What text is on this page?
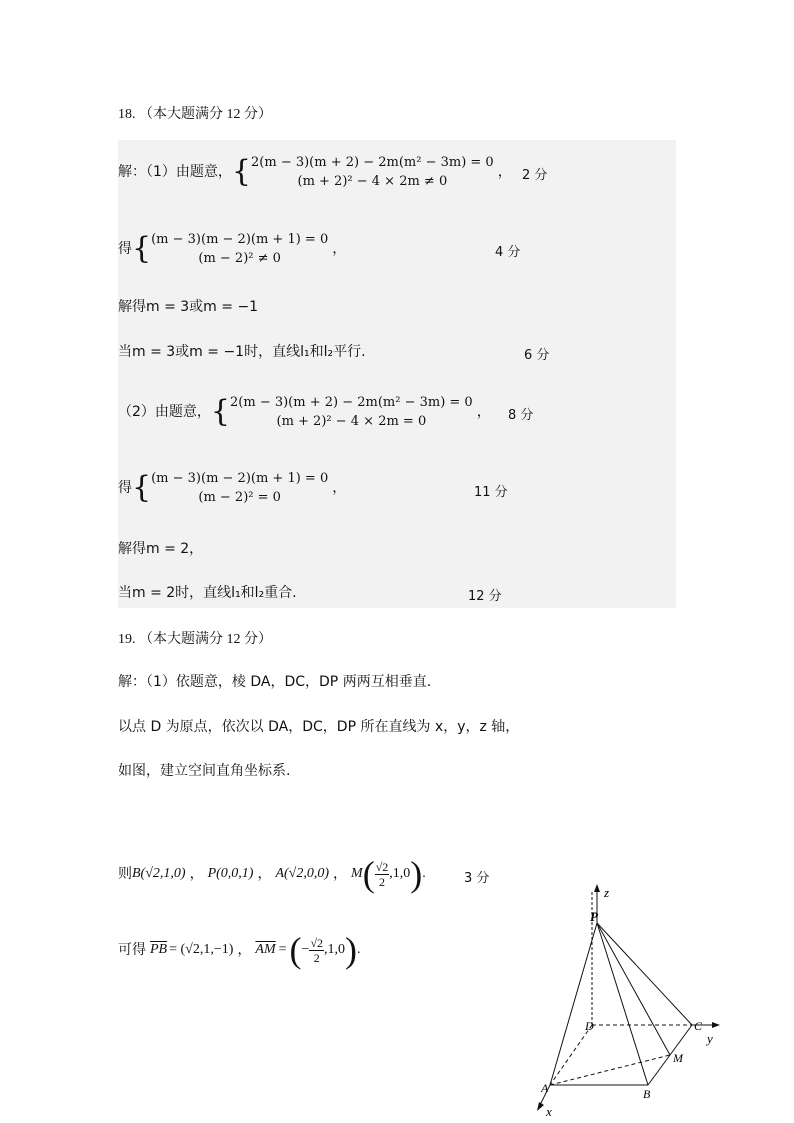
18. （本大题满分 12 分）
解：（1）由题意， { 2(m − 3)(m + 2) − 2m(m² − 3m) = 0
(m + 2)² − 4 × 2m ≠ 0
， 2 分
得 { (m − 3)(m − 2)(m + 1) = 0
(m − 2)² ≠ 0
，	4 分
解得m = 3或m = −1
当m = 3或m = −1时，直线l₁和l₂平行.	6 分
（2）由题意， { 2(m − 3)(m + 2) − 2m(m² − 3m) = 0
(m + 2)² − 4 × 2m = 0
， 8 分
得 { (m − 3)(m − 2)(m + 1) = 0
(m − 2)² = 0
，	11 分
解得m = 2，
当m = 2时，直线l₁和l₂重合.	12 分
19. （本大题满分 12 分）
解：（1）依题意，棱 DA，DC，DP 两两互相垂直.
以点 D 为原点，依次以 DA，DC，DP 所在直线为 x，y，z 轴，
如图，建立空间直角坐标系.
则 B(√2,1,0) ， P(0,0,1) ， A(√2,0,0) ， M ( $\frac{√2}{2} ,1,0$ ) .	3 分
可得 $\overline{PB} = (√2,1,-1)$ ， $\overline{AM}$ = ( − $\frac{√2}{2} ,1,0$ ) .
z
P
D	C
y
M
A	B
x
